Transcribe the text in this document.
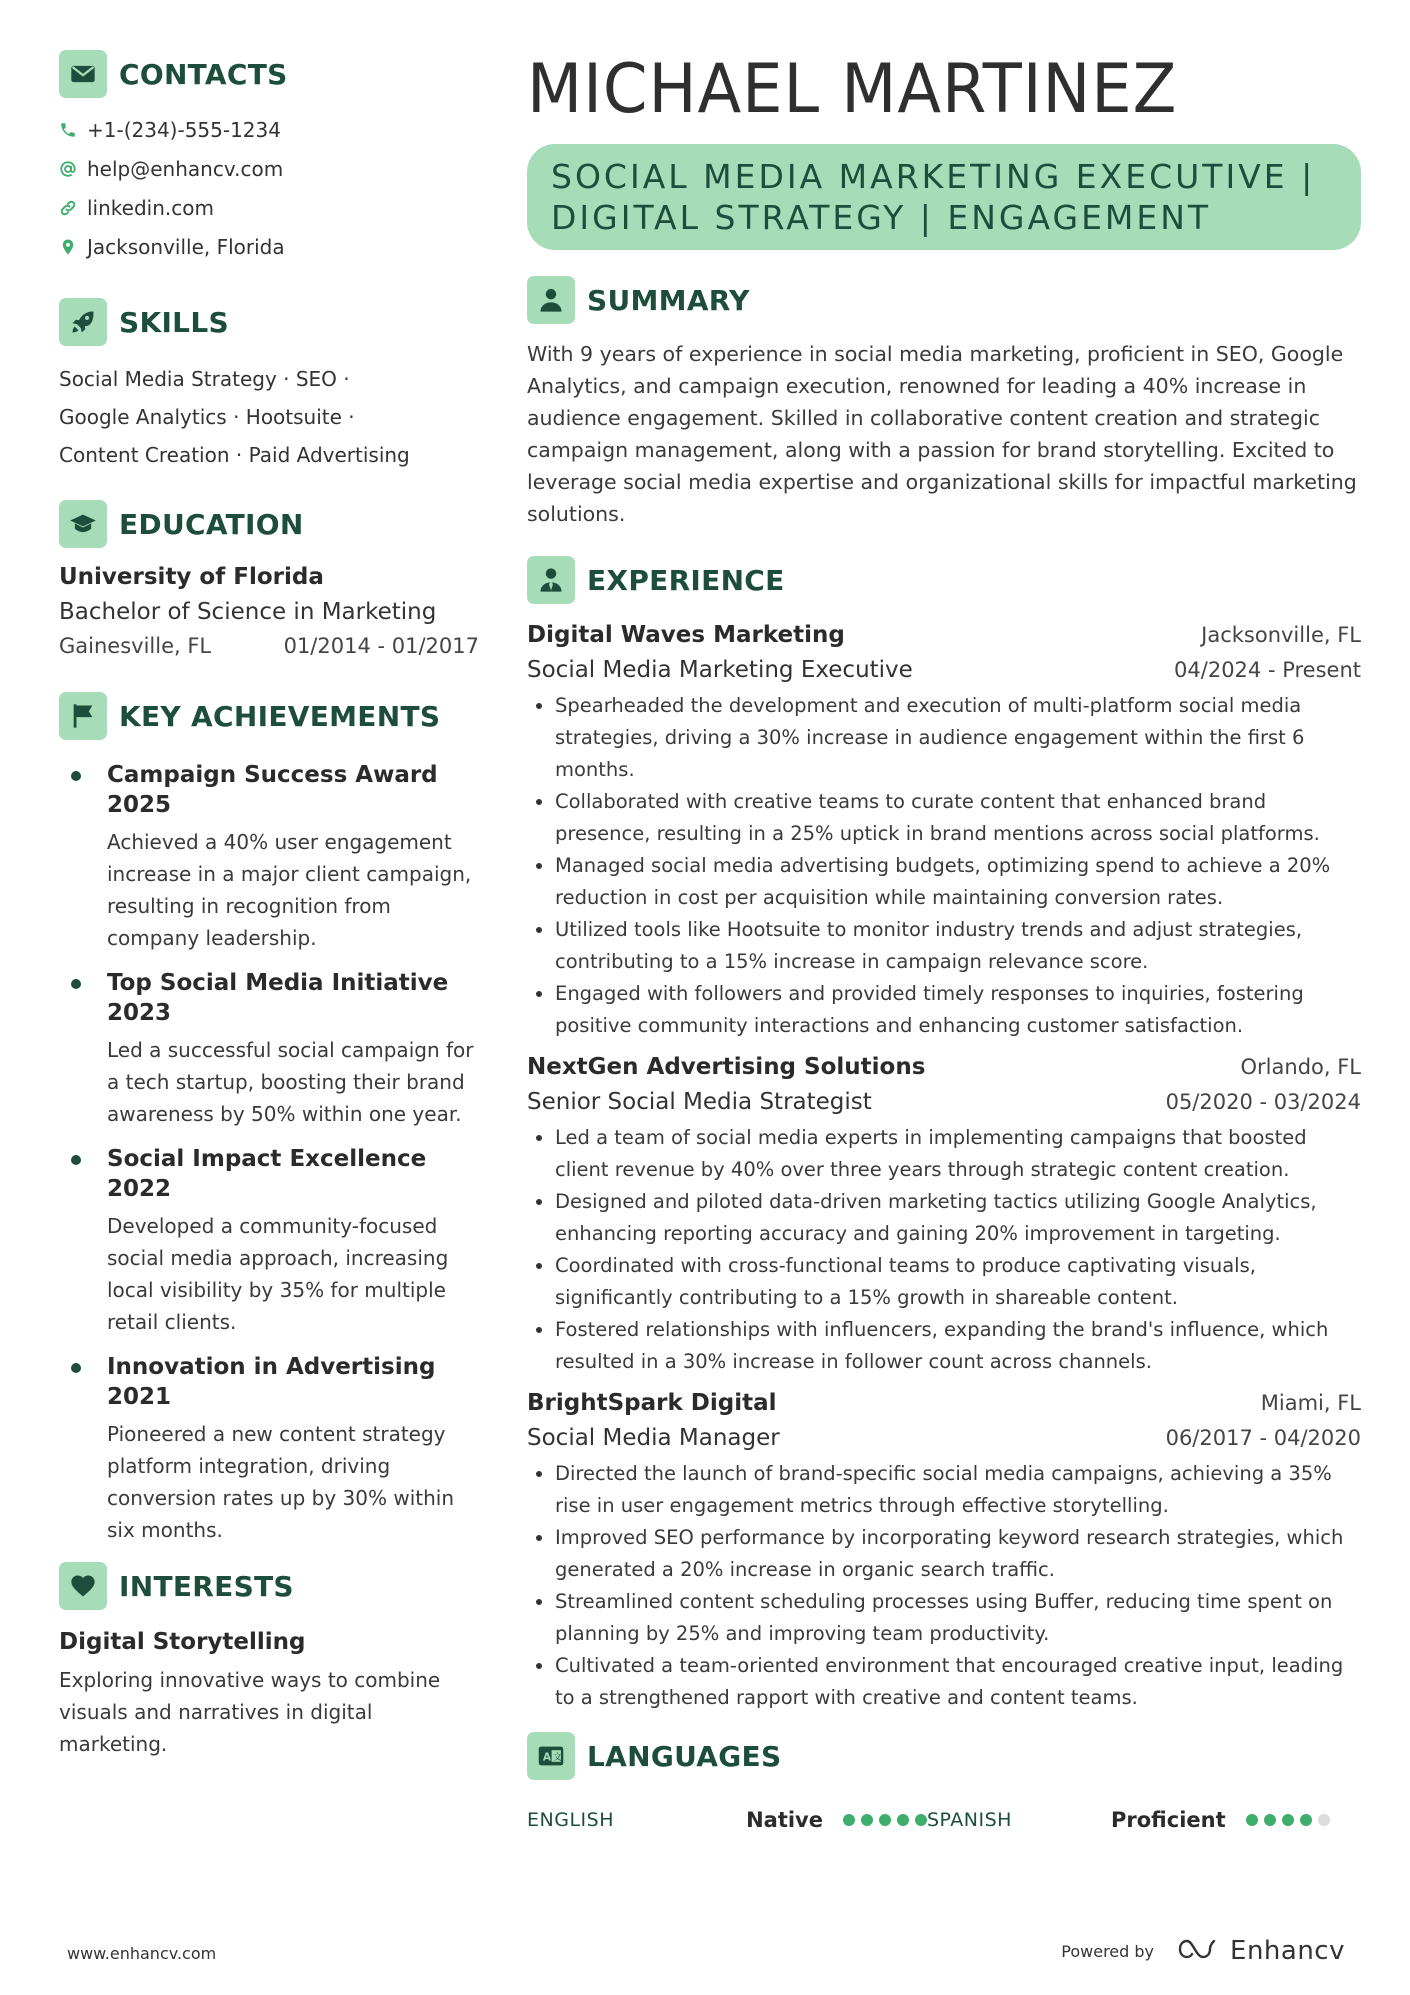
CONTACTS
+1-(234)-555-1234
help@enhancv.com
linkedin.com
Jacksonville, Florida
SKILLS
Social Media Strategy · SEO ·
Google Analytics · Hootsuite ·
Content Creation · Paid Advertising
EDUCATION
University of Florida
Bachelor of Science in Marketing
Gainesville, FL	01/2014 - 01/2017
KEY ACHIEVEMENTS
Campaign Success Award 2025
Achieved a 40% user engagement increase in a major client campaign, resulting in recognition from company leadership.
Top Social Media Initiative 2023
Led a successful social campaign for a tech startup, boosting their brand awareness by 50% within one year.
Social Impact Excellence 2022
Developed a community-focused social media approach, increasing local visibility by 35% for multiple retail clients.
Innovation in Advertising 2021
Pioneered a new content strategy platform integration, driving conversion rates up by 30% within six months.
INTERESTS
Digital Storytelling
Exploring innovative ways to combine visuals and narratives in digital marketing.
MICHAEL MARTINEZ
SOCIAL MEDIA MARKETING EXECUTIVE |
DIGITAL STRATEGY | ENGAGEMENT
SUMMARY
With 9 years of experience in social media marketing, proficient in SEO, Google Analytics, and campaign execution, renowned for leading a 40% increase in audience engagement. Skilled in collaborative content creation and strategic campaign management, along with a passion for brand storytelling. Excited to leverage social media expertise and organizational skills for impactful marketing solutions.
EXPERIENCE
Digital Waves Marketing	Jacksonville, FL
Social Media Marketing Executive	04/2024 - Present
• Spearheaded the development and execution of multi-platform social media strategies, driving a 30% increase in audience engagement within the first 6 months.
• Collaborated with creative teams to curate content that enhanced brand presence, resulting in a 25% uptick in brand mentions across social platforms.
• Managed social media advertising budgets, optimizing spend to achieve a 20% reduction in cost per acquisition while maintaining conversion rates.
• Utilized tools like Hootsuite to monitor industry trends and adjust strategies, contributing to a 15% increase in campaign relevance score.
• Engaged with followers and provided timely responses to inquiries, fostering positive community interactions and enhancing customer satisfaction.
NextGen Advertising Solutions	Orlando, FL
Senior Social Media Strategist	05/2020 - 03/2024
• Led a team of social media experts in implementing campaigns that boosted client revenue by 40% over three years through strategic content creation.
• Designed and piloted data-driven marketing tactics utilizing Google Analytics, enhancing reporting accuracy and gaining 20% improvement in targeting.
• Coordinated with cross-functional teams to produce captivating visuals, significantly contributing to a 15% growth in shareable content.
• Fostered relationships with influencers, expanding the brand's influence, which resulted in a 30% increase in follower count across channels.
BrightSpark Digital	Miami, FL
Social Media Manager	06/2017 - 04/2020
• Directed the launch of brand-specific social media campaigns, achieving a 35% rise in user engagement metrics through effective storytelling.
• Improved SEO performance by incorporating keyword research strategies, which generated a 20% increase in organic search traffic.
• Streamlined content scheduling processes using Buffer, reducing time spent on planning by 25% and improving team productivity.
• Cultivated a team-oriented environment that encouraged creative input, leading to a strengthened rapport with creative and content teams.
A 文 LANGUAGES
ENGLISH	Native	SPANISH	Proficient
www.enhancv.com	Powered by	Enhancv
